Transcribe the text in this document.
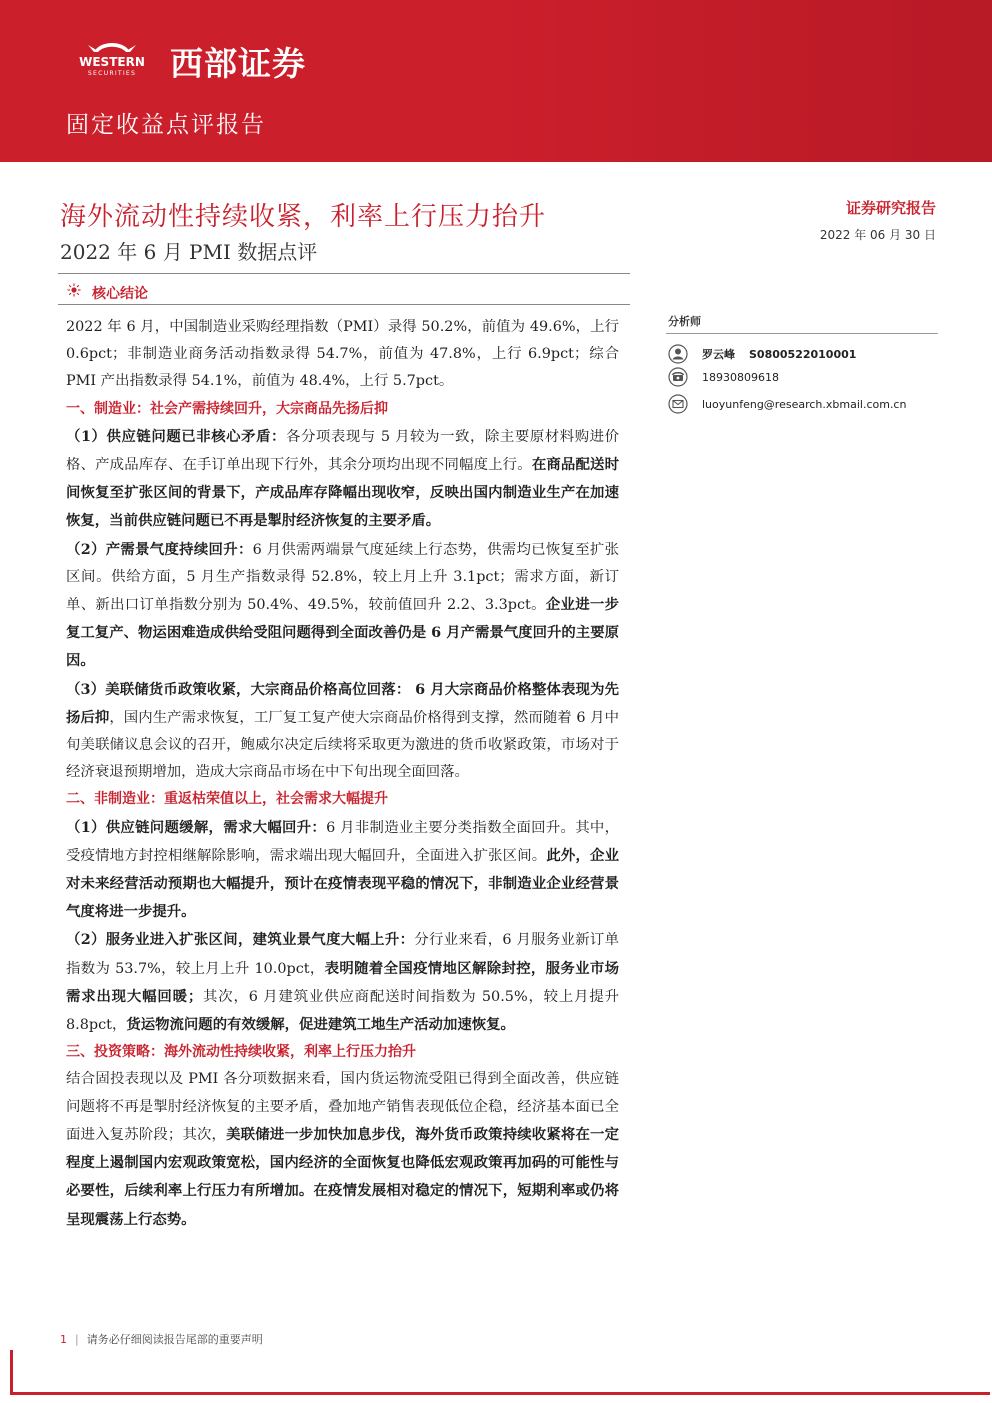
WESTERN
SECURITIES 西部证券
固定收益点评报告
海外流动性持续收紧，利率上行压力抬升
2022 年 6 月 PMI 数据点评
证券研究报告
2022 年 06 月 30 日
核心结论

2022 年 6 月，中国制造业采购经理指数（PMI）录得 50.2%，前值为 49.6%，上行 0.6pct；非制造业商务活动指数录得 54.7%，前值为 47.8%，上行 6.9pct；综合 PMI 产出指数录得 54.1%，前值为 48.4%，上行 5.7pct。

一、制造业：社会产需持续回升，大宗商品先扬后抑

（1）供应链问题已非核心矛盾：各分项表现与 5 月较为一致，除主要原材料购进价格、产成品库存、在手订单出现下行外，其余分项均出现不同幅度上行。在商品配送时间恢复至扩张区间的背景下，产成品库存降幅出现收窄，反映出国内制造业生产在加速恢复，当前供应链问题已不再是掣肘经济恢复的主要矛盾。

（2）产需景气度持续回升：6 月供需两端景气度延续上行态势，供需均已恢复至扩张区间。供给方面，5 月生产指数录得 52.8%，较上月上升 3.1pct；需求方面，新订单、新出口订单指数分别为 50.4%、49.5%，较前值回升 2.2、3.3pct。企业进一步复工复产、物运困难造成供给受阻问题得到全面改善仍是 6 月产需景气度回升的主要原因。

（3）美联储货币政策收紧，大宗商品价格高位回落： 6 月大宗商品价格整体表现为先扬后抑，国内生产需求恢复，工厂复工复产使大宗商品价格得到支撑，然而随着 6 月中旬美联储议息会议的召开，鲍威尔决定后续将采取更为激进的货币收紧政策，市场对于经济衰退预期增加，造成大宗商品市场在中下旬出现全面回落。

二、非制造业：重返枯荣值以上，社会需求大幅提升

（1）供应链问题缓解，需求大幅回升：6 月非制造业主要分类指数全面回升。其中，受疫情地方封控相继解除影响，需求端出现大幅回升，全面进入扩张区间。此外，企业对未来经营活动预期也大幅提升，预计在疫情表现平稳的情况下，非制造业企业经营景气度将进一步提升。

（2）服务业进入扩张区间，建筑业景气度大幅上升：分行业来看，6 月服务业新订单指数为 53.7%，较上月上升 10.0pct，表明随着全国疫情地区解除封控，服务业市场需求出现大幅回暖；其次，6 月建筑业供应商配送时间指数为 50.5%，较上月提升 8.8pct，货运物流问题的有效缓解，促进建筑工地生产活动加速恢复。

三、投资策略：海外流动性持续收紧，利率上行压力抬升

结合固投表现以及 PMI 各分项数据来看，国内货运物流受阻已得到全面改善，供应链问题将不再是掣肘经济恢复的主要矛盾，叠加地产销售表现低位企稳，经济基本面已全面进入复苏阶段；其次，美联储进一步加快加息步伐，海外货币政策持续收紧将在一定程度上遏制国内宏观政策宽松，国内经济的全面恢复也降低宏观政策再加码的可能性与必要性，后续利率上行压力有所增加。在疫情发展相对稳定的情况下，短期利率或仍将呈现震荡上行态势。

分析师
罗云峰 S0800522010001
18930809618
luoyunfeng@research.xbmail.com.cn
1 | 请务必仔细阅读报告尾部的重要声明
